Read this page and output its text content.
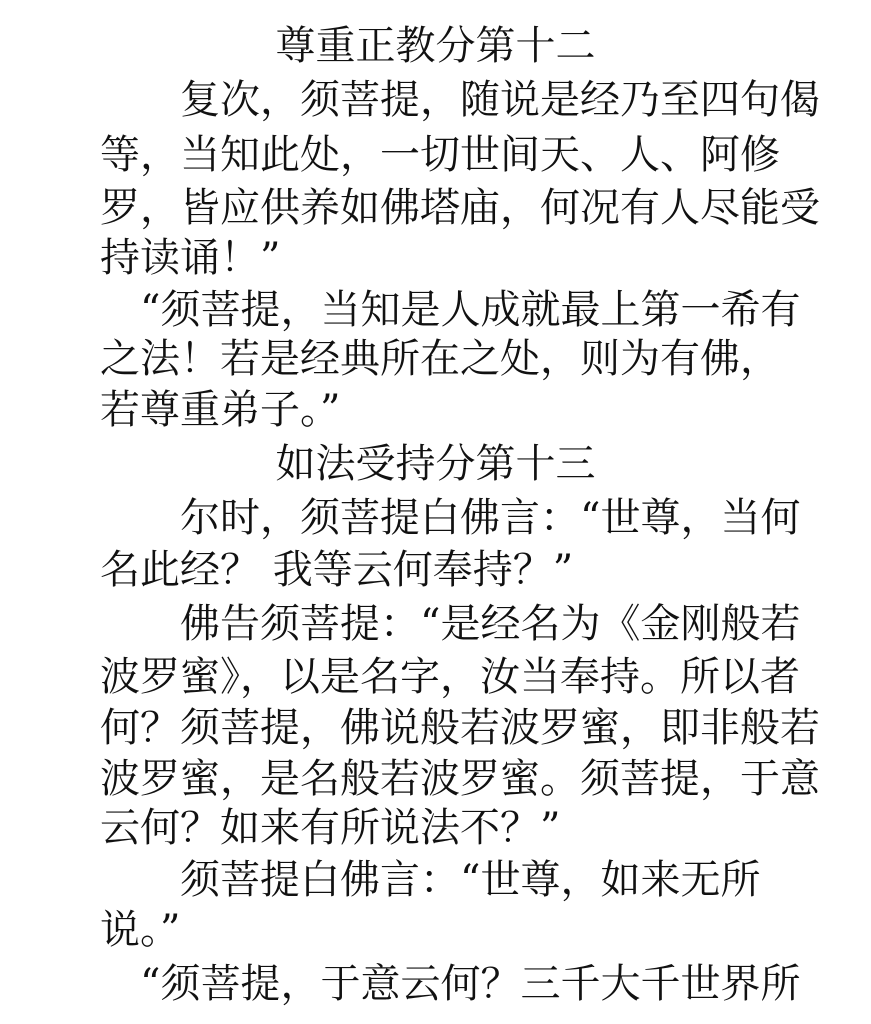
尊重正教分第十二
　　复次，须菩提，随说是经乃至四句偈
等，当知此处，一切世间天、人、阿修
罗，皆应供养如佛塔庙，何况有人尽能受
持读诵！”
　“须菩提，当知是人成就最上第一希有
之法！若是经典所在之处，则为有佛，
若尊重弟子。”
如法受持分第十三
　　尔时，须菩提白佛言：“世尊，当何
名此经？ 我等云何奉持？”
　　佛告须菩提：“是经名为《金刚般若
波罗蜜》，以是名字，汝当奉持。所以者
何？须菩提，佛说般若波罗蜜，即非般若
波罗蜜，是名般若波罗蜜。须菩提，于意
云何？如来有所说法不？”
　　须菩提白佛言：“世尊，如来无所
说。”
　“须菩提，于意云何？三千大千世界所
